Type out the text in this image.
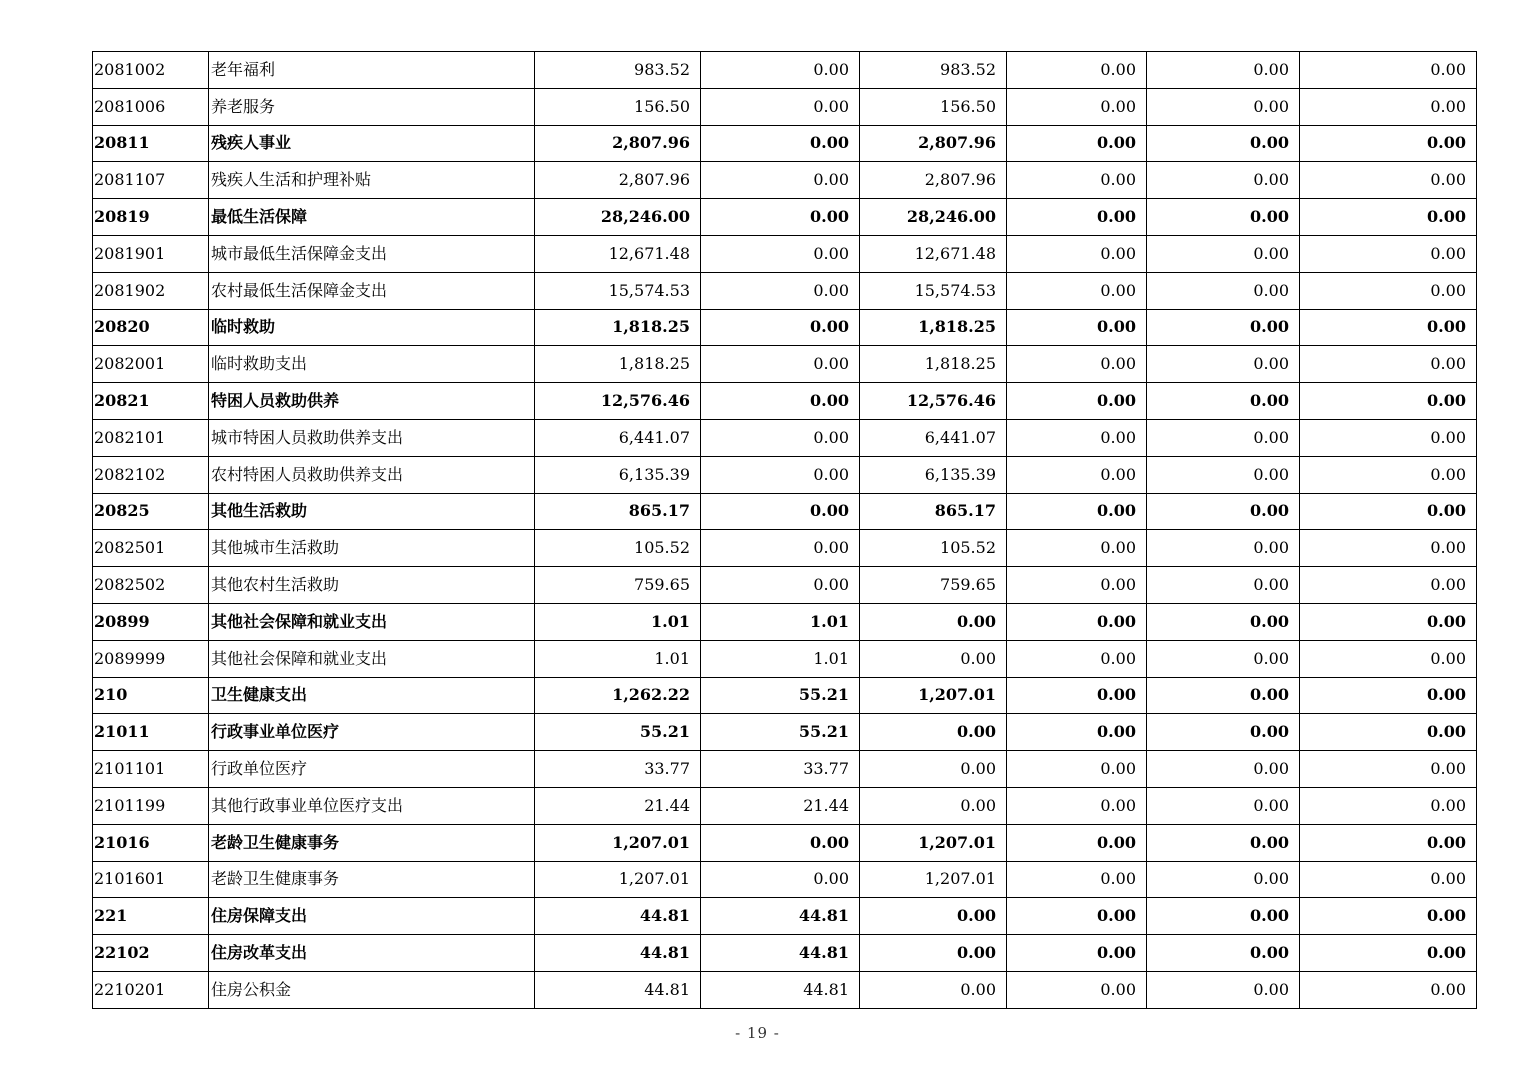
2081002	老年福利	983.52	0.00	983.52	0.00	0.00	0.00
2081006	养老服务	156.50	0.00	156.50	0.00	0.00	0.00
20811	残疾人事业	2,807.96	0.00	2,807.96	0.00	0.00	0.00
2081107	残疾人生活和护理补贴	2,807.96	0.00	2,807.96	0.00	0.00	0.00
20819	最低生活保障	28,246.00	0.00	28,246.00	0.00	0.00	0.00
2081901	城市最低生活保障金支出	12,671.48	0.00	12,671.48	0.00	0.00	0.00
2081902	农村最低生活保障金支出	15,574.53	0.00	15,574.53	0.00	0.00	0.00
20820	临时救助	1,818.25	0.00	1,818.25	0.00	0.00	0.00
2082001	临时救助支出	1,818.25	0.00	1,818.25	0.00	0.00	0.00
20821	特困人员救助供养	12,576.46	0.00	12,576.46	0.00	0.00	0.00
2082101	城市特困人员救助供养支出	6,441.07	0.00	6,441.07	0.00	0.00	0.00
2082102	农村特困人员救助供养支出	6,135.39	0.00	6,135.39	0.00	0.00	0.00
20825	其他生活救助	865.17	0.00	865.17	0.00	0.00	0.00
2082501	其他城市生活救助	105.52	0.00	105.52	0.00	0.00	0.00
2082502	其他农村生活救助	759.65	0.00	759.65	0.00	0.00	0.00
20899	其他社会保障和就业支出	1.01	1.01	0.00	0.00	0.00	0.00
2089999	其他社会保障和就业支出	1.01	1.01	0.00	0.00	0.00	0.00
210	卫生健康支出	1,262.22	55.21	1,207.01	0.00	0.00	0.00
21011	行政事业单位医疗	55.21	55.21	0.00	0.00	0.00	0.00
2101101	行政单位医疗	33.77	33.77	0.00	0.00	0.00	0.00
2101199	其他行政事业单位医疗支出	21.44	21.44	0.00	0.00	0.00	0.00
21016	老龄卫生健康事务	1,207.01	0.00	1,207.01	0.00	0.00	0.00
2101601	老龄卫生健康事务	1,207.01	0.00	1,207.01	0.00	0.00	0.00
221	住房保障支出	44.81	44.81	0.00	0.00	0.00	0.00
22102	住房改革支出	44.81	44.81	0.00	0.00	0.00	0.00
2210201	住房公积金	44.81	44.81	0.00	0.00	0.00	0.00
- 19 -
